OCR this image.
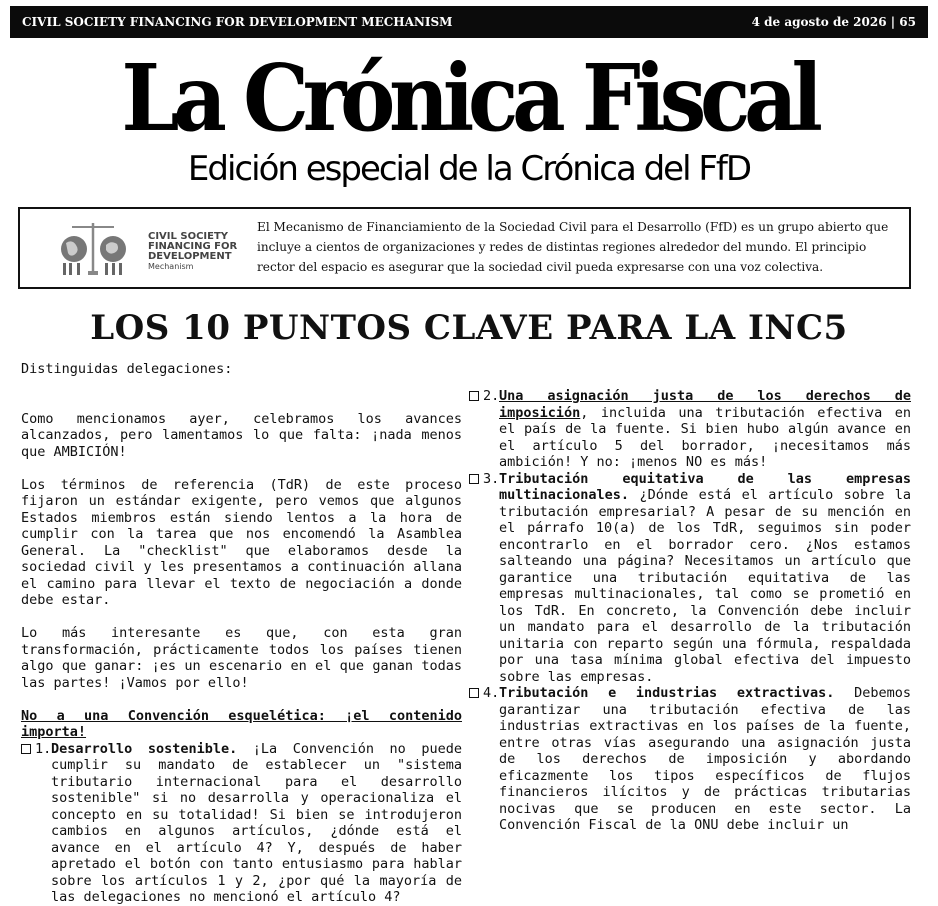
CIVIL SOCIETY FINANCING FOR DEVELOPMENT MECHANISM	4 de agosto de 2026 | 65
La Crónica Fiscal
Edición especial de la Crónica del FfD
CIVIL SOCIETY
FINANCING FOR
DEVELOPMENT
Mechanism
El Mecanismo de Financiamiento de la Sociedad Civil para el Desarrollo (FfD) es un grupo abierto que incluye a cientos de organizaciones y redes de distintas regiones alrededor del mundo. El principio rector del espacio es asegurar que la sociedad civil pueda expresarse con una voz colectiva.
LOS 10 PUNTOS CLAVE PARA LA INC5

Distinguidas delegaciones:

Como mencionamos ayer, celebramos los avances alcanzados, pero lamentamos lo que falta: ¡nada menos que AMBICIÓN!

Los términos de referencia (TdR) de este proceso fijaron un estándar exigente, pero vemos que algunos Estados miembros están siendo lentos a la hora de cumplir con la tarea que nos encomendó la Asamblea General. La "checklist" que elaboramos desde la sociedad civil y les presentamos a continuación allana el camino para llevar el texto de negociación a donde debe estar.

Lo más interesante es que, con esta gran transformación, prácticamente todos los países tienen algo que ganar: ¡es un escenario en el que ganan todas las partes! ¡Vamos por ello!

No a una Convención esquelética: ¡el contenido importa!

1. Desarrollo sostenible. ¡La Convención no puede cumplir su mandato de establecer un "sistema tributario internacional para el desarrollo sostenible" si no desarrolla y operacionaliza el concepto en su totalidad! Si bien se introdujeron cambios en algunos artículos, ¿dónde está el avance en el artículo 4? Y, después de haber apretado el botón con tanto entusiasmo para hablar sobre los artículos 1 y 2, ¿por qué la mayoría de las delegaciones no mencionó el artículo 4?
2. Una asignación justa de los derechos de imposición, incluida una tributación efectiva en el país de la fuente. Si bien hubo algún avance en el artículo 5 del borrador, ¡necesitamos más ambición! Y no: ¡menos NO es más!
3. Tributación equitativa de las empresas multinacionales. ¿Dónde está el artículo sobre la tributación empresarial? A pesar de su mención en el párrafo 10(a) de los TdR, seguimos sin poder encontrarlo en el borrador cero. ¿Nos estamos salteando una página? Necesitamos un artículo que garantice una tributación equitativa de las empresas multinacionales, tal como se prometió en los TdR. En concreto, la Convención debe incluir un mandato para el desarrollo de la tributación unitaria con reparto según una fórmula, respaldada por una tasa mínima global efectiva del impuesto sobre las empresas.
4. Tributación e industrias extractivas. Debemos garantizar una tributación efectiva de las industrias extractivas en los países de la fuente, entre otras vías asegurando una asignación justa de los derechos de imposición y abordando eficazmente los tipos específicos de flujos financieros ilícitos y de prácticas tributarias nocivas que se producen en este sector. La Convención Fiscal de la ONU debe incluir un
